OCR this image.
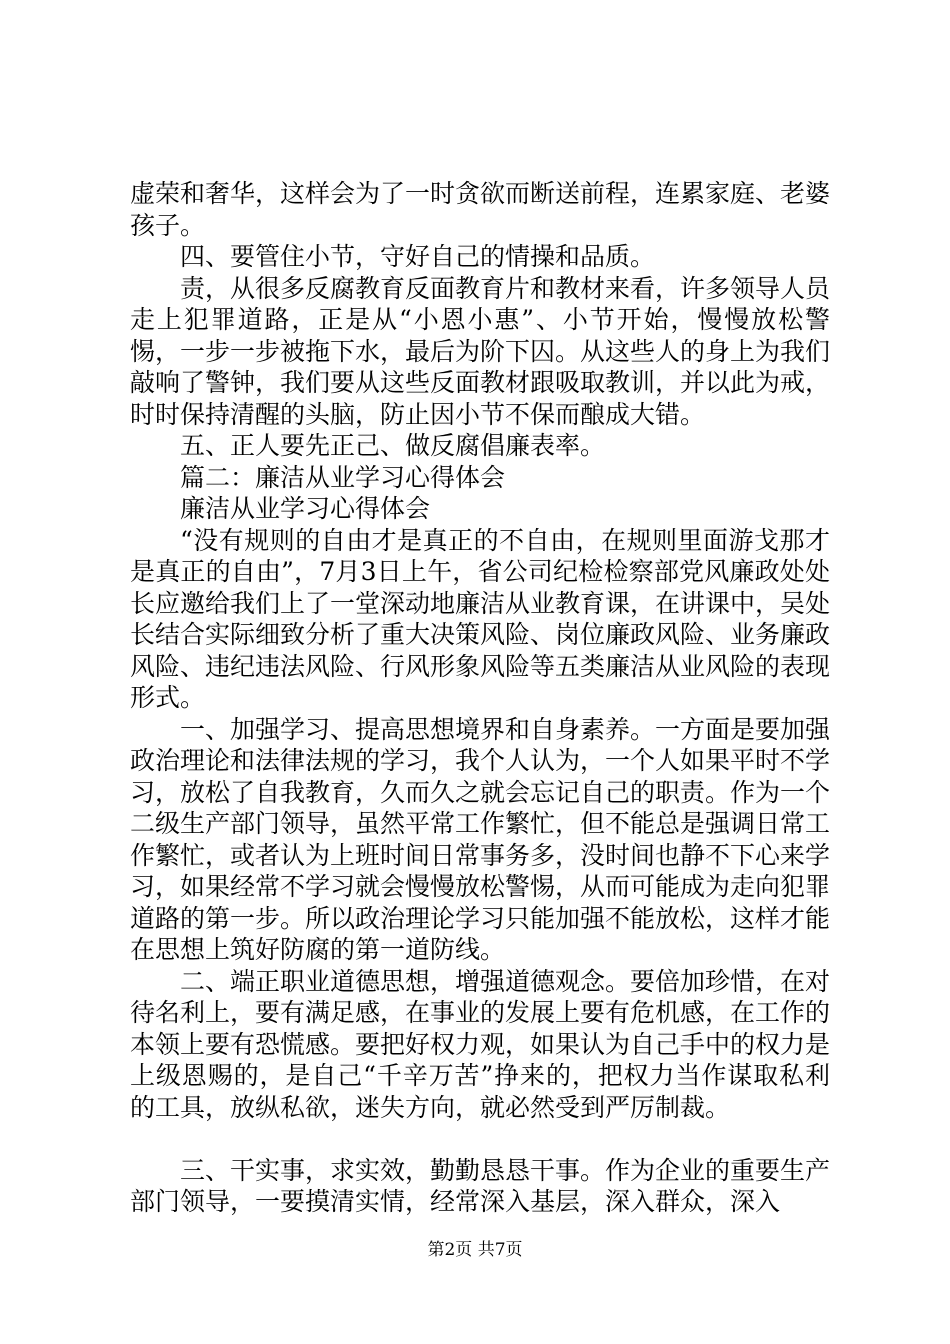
虚荣和奢华，这样会为了一时贪欲而断送前程，连累家庭、老婆孩子。

四、要管住小节，守好自己的情操和品质。

责，从很多反腐教育反面教育片和教材来看，许多领导人员走上犯罪道路，正是从“小恩小惠”、小节开始，慢慢放松警惕，一步一步被拖下水，最后为阶下囚。从这些人的身上为我们敲响了警钟，我们要从这些反面教材跟吸取教训，并以此为戒，时时保持清醒的头脑，防止因小节不保而酿成大错。

五、正人要先正己、做反腐倡廉表率。

篇二：廉洁从业学习心得体会

廉洁从业学习心得体会

“没有规则的自由才是真正的不自由，在规则里面游戈那才是真正的自由”，7月3日上午，省公司纪检检察部党风廉政处处长应邀给我们上了一堂深动地廉洁从业教育课，在讲课中，吴处长结合实际细致分析了重大决策风险、岗位廉政风险、业务廉政风险、违纪违法风险、行风形象风险等五类廉洁从业风险的表现形式。

一、加强学习、提高思想境界和自身素养。一方面是要加强政治理论和法律法规的学习，我个人认为，一个人如果平时不学习，放松了自我教育，久而久之就会忘记自己的职责。作为一个二级生产部门领导，虽然平常工作繁忙，但不能总是强调日常工作繁忙，或者认为上班时间日常事务多，没时间也静不下心来学习，如果经常不学习就会慢慢放松警惕，从而可能成为走向犯罪道路的第一步。所以政治理论学习只能加强不能放松，这样才能在思想上筑好防腐的第一道防线。

二、端正职业道德思想，增强道德观念。要倍加珍惜，在对待名利上，要有满足感，在事业的发展上要有危机感，在工作的本领上要有恐慌感。要把好权力观，如果认为自己手中的权力是上级恩赐的，是自己“千辛万苦”挣来的，把权力当作谋取私利的工具，放纵私欲，迷失方向，就必然受到严厉制裁。

三、干实事，求实效，勤勤恳恳干事。作为企业的重要生产部门领导，一要摸清实情，经常深入基层，深入群众，深入

第2页 共7页
